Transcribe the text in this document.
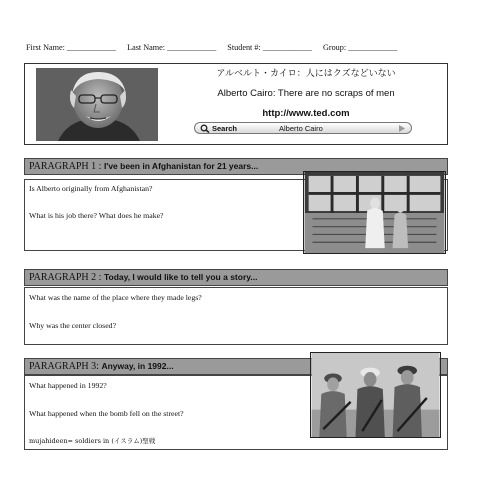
First Name: ____________ Last Name: ____________ Student #: ____________ Group: ____________
アルベルト・カイロ：人にはクズなどいない
Alberto Cairo: There are no scraps of men
http://www.ted.com
Search	Alberto Cairo
PARAGRAPH 1 : I've been in Afghanistan for 21 years...
Is Alberto originally from Afghanistan?
What is his job there? What does he make?
PARAGRAPH 2 : Today, I would like to tell you a story...
What was the name of the place where they made legs?
Why was the center closed?
PARAGRAPH 3: Anyway, in 1992...
What happened in 1992?
What happened when the bomb fell on the street?
mujahideen= soldiers in (イスラム)聖戦
